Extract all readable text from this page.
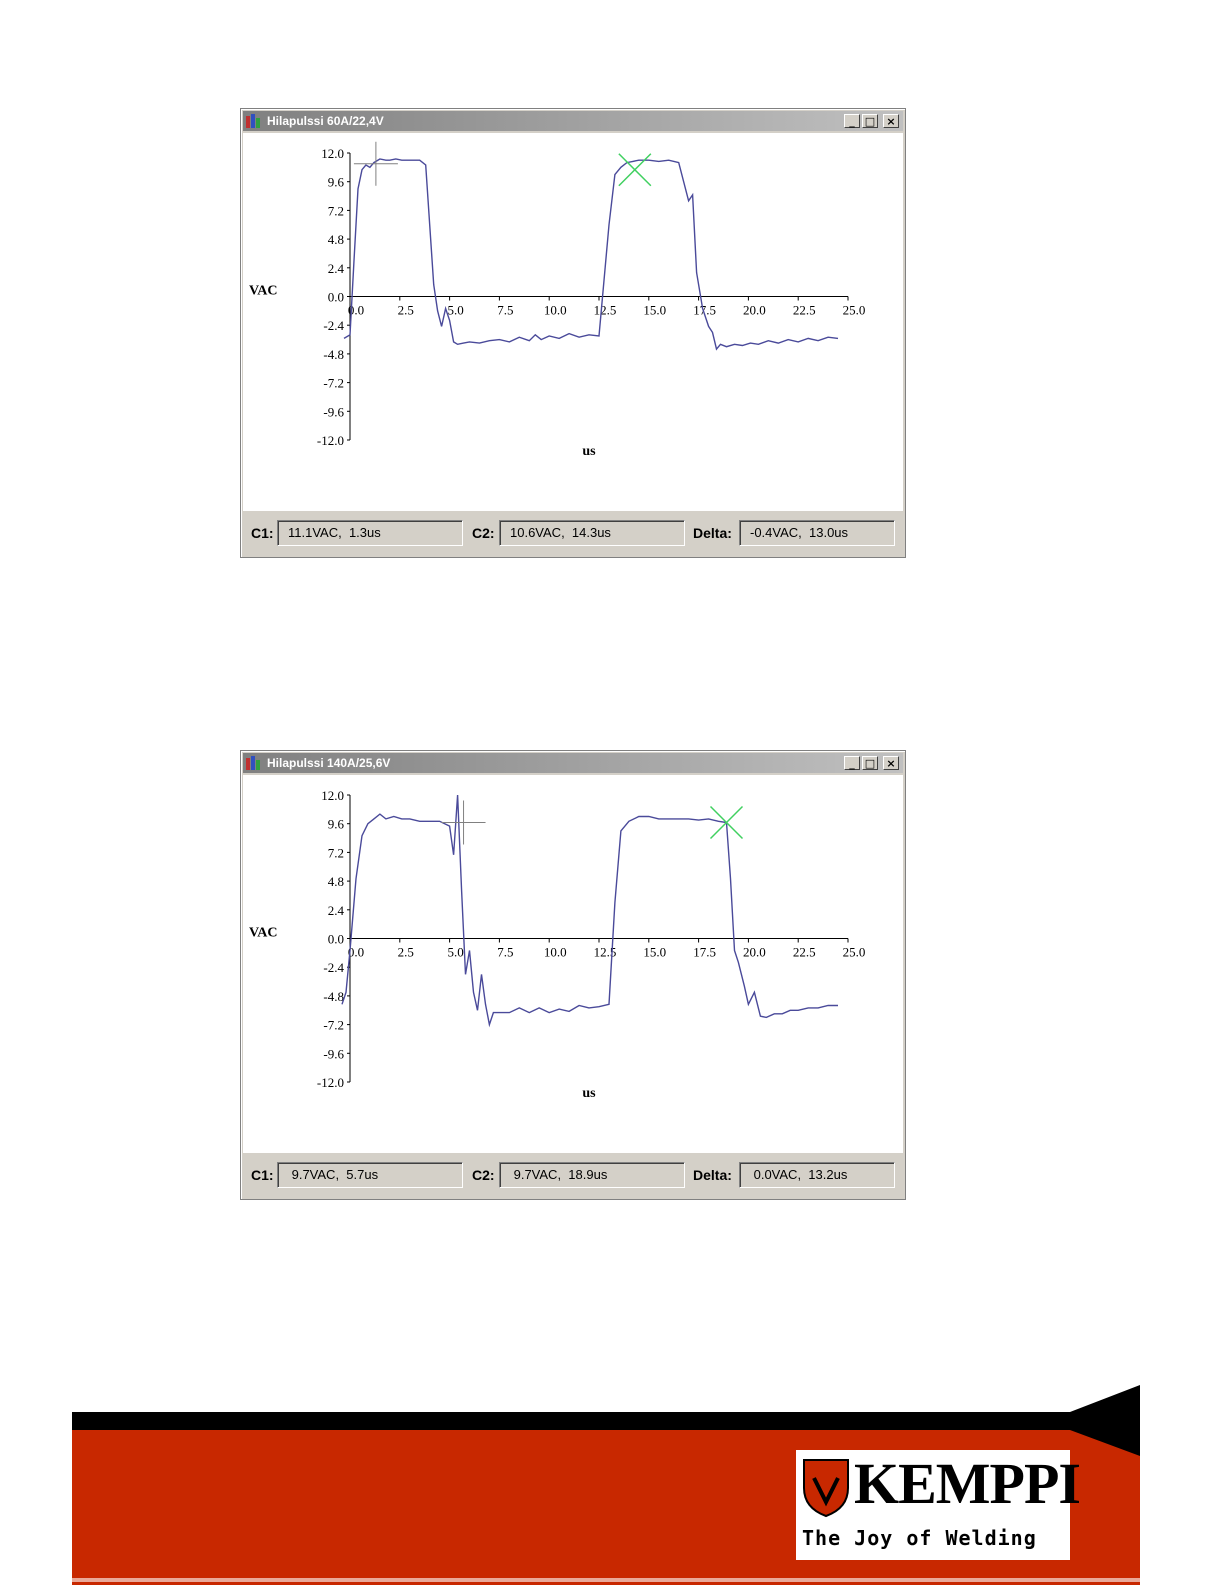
Hilapulssi 60A/22,4V	_ □	×
12.0
9.6
7.2
4.8
2.4
0.0
-2.4
-4.8
-7.2
-9.6
-12.0
0.0	2.5	5.0	7.5 10.0 12.5 15.0 17.5 20.0 22.5 25.0
VAC
us
C1:	11.1VAC,  1.3us	C2:	10.6VAC,  14.3us	Delta:	-0.4VAC,  13.0us
Hilapulssi 140A/25,6V	_ □	×
12.0
9.6
7.2
4.8
2.4
0.0
-2.4
-4.8
-7.2
-9.6
-12.0
0.0	2.5	5.0	7.5 10.0 12.5 15.0 17.5 20.0 22.5 25.0
VAC
us
C1:	9.7VAC,  5.7us	C2:	9.7VAC,  18.9us	Delta:	0.0VAC,  13.2us
KEMPPI
The Joy of Welding
